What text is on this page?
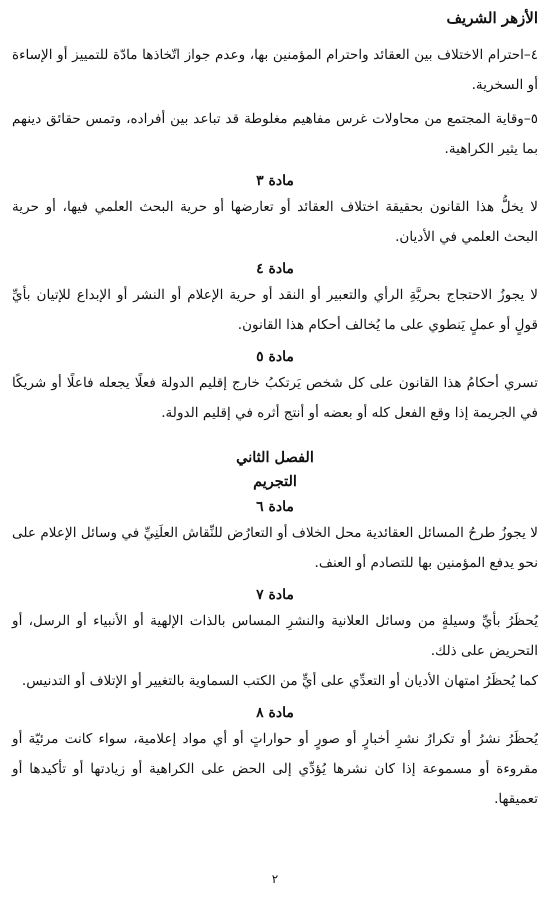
الأزهر الشريف

٤–احترام الاختلاف بين العقائد واحترام المؤمنين بها، وعدم جواز اتّخاذها مادّة للتمييز أو الإساءة أو السخرية.

٥–وقاية المجتمع من محاولات غرس مفاهيم مغلوطة قد تباعد بين أفراده، وتمس حقائق دينهم بما يثير الكراهية.

مادة ٣

لا يخلُّ هذا القانون بحقيقة اختلاف العقائد أو تعارضها أو حرية البحث العلمي فيها، أو حرية البحث العلمي في الأديان.

مادة ٤

لا يجوزُ الاحتجاج بحريَّةِ الرأي والتعبير أو النقد أو حرية الإعلام أو النشر أو الإبداع للإتيان بأيِّ قولٍ أو عملٍ يَنطوي على ما يُخالف أحكام هذا القانون.

مادة ٥

تسري أحكامُ هذا القانون على كل شخص يَرتكبُ خارج إقليم الدولة فعلًا يجعله فاعلًا أو شريكًا في الجريمة إذا وقع الفعل كله أو بعضه أو أنتج أثره في إقليم الدولة.

الفصل الثاني
التجريم
مادة ٦

لا يجوزُ طرحُ المسائل العقائدية محل الخلاف أو التعارُض للنِّقاش العلَنِيِّ في وسائل الإعلام على نحو يدفع المؤمنين بها للتصادم أو العنف.

مادة ٧

يُحظَرُ بأيِّ وسيلةٍ من وسائل العلانية والنشرِ المساس بالذات الإلهية أو الأنبياء أو الرسل، أو التحريض على ذلك.

كما يُحظَرُ امتهان الأديان أو التعدِّي على أيٍّ من الكتب السماوية بالتغيير أو الإتلاف أو التدنيس.

مادة ٨

يُحظَرُ نشرُ أو تكرارُ نشرِ أخبارٍ أو صورٍ أو حواراتٍ أو أي مواد إعلامية، سواء كانت مرئيّة أو مقروءة أو مسموعة إذا كان نشرها يُؤدِّي إلى الحض على الكراهية أو زيادتها أو تأكيدها أو تعميقها.

٢
